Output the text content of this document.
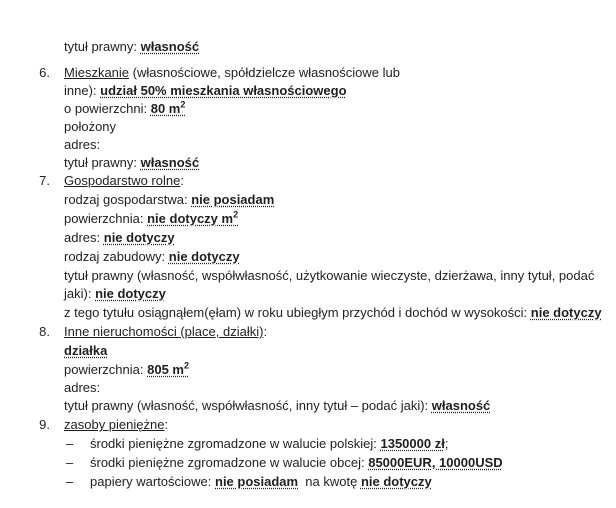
tytuł prawny: własność
6. Mieszkanie (własnościowe, spółdzielcze własnościowe lub
inne): udział 50% mieszkania własnościowego
o powierzchni: 80 $m^2$
położony
adres:
tytuł prawny: własność
7. Gospodarstwo rolne:
rodzaj gospodarstwa: nie posiadam
powierzchnia: nie dotyczy $m^2$
adres: nie dotyczy
rodzaj zabudowy: nie dotyczy
tytuł prawny (własność, współwłasność, użytkowanie wieczyste, dzierżawa, inny tytuł, podać
jaki): nie dotyczy
z tego tytułu osiągnąłem(ęłam) w roku ubiegłym przychód i dochód w wysokości: nie dotyczy
8. Inne nieruchomości (place, działki):
działka
powierzchnia: 805 $m^2$
adres:
tytuł prawny (własność, współwłasność, inny tytuł – podać jaki): własność
9. zasoby pieniężne:
– środki pieniężne zgromadzone w walucie polskiej: 1350000 zł;
– środki pieniężne zgromadzone w walucie obcej: 85000EUR, 10000USD
– papiery wartościowe: nie posiadam  na kwotę nie dotyczy
